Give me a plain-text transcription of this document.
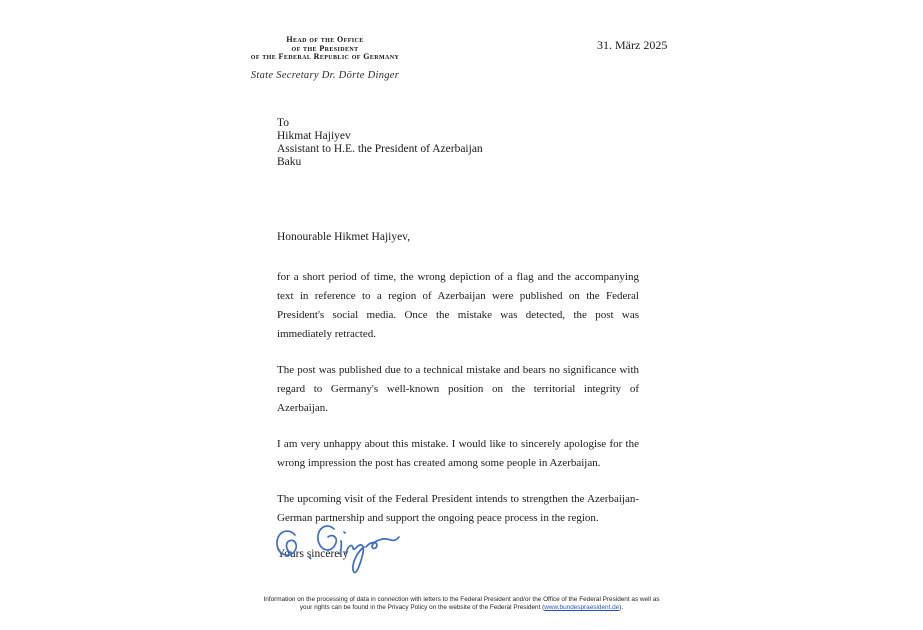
Head of the Office
of the President
of the Federal Republic of Germany
State Secretary Dr. Dörte Dinger
31. März 2025
To
Hikmat Hajiyev
Assistant to H.E. the President of Azerbaijan
Baku
Honourable Hikmet Hajiyev,

for a short period of time, the wrong depiction of a flag and the accompanying text in reference to a region of Azerbaijan were published on the Federal President's social media. Once the mistake was detected, the post was immediately retracted.

The post was published due to a technical mistake and bears no significance with regard to Germany's well-known position on the territorial integrity of Azerbaijan.

I am very unhappy about this mistake. I would like to sincerely apologise for the wrong impression the post has created among some people in Azerbaijan.

The upcoming visit of the Federal President intends to strengthen the Azerbaijan-German partnership and support the ongoing peace process in the region.

Yours sincerely
Information on the processing of data in connection with letters to the Federal President and/or the Office of the Federal President as well as
your rights can be found in the Privacy Policy on the website of the Federal President (www.bundespraesident.de).
